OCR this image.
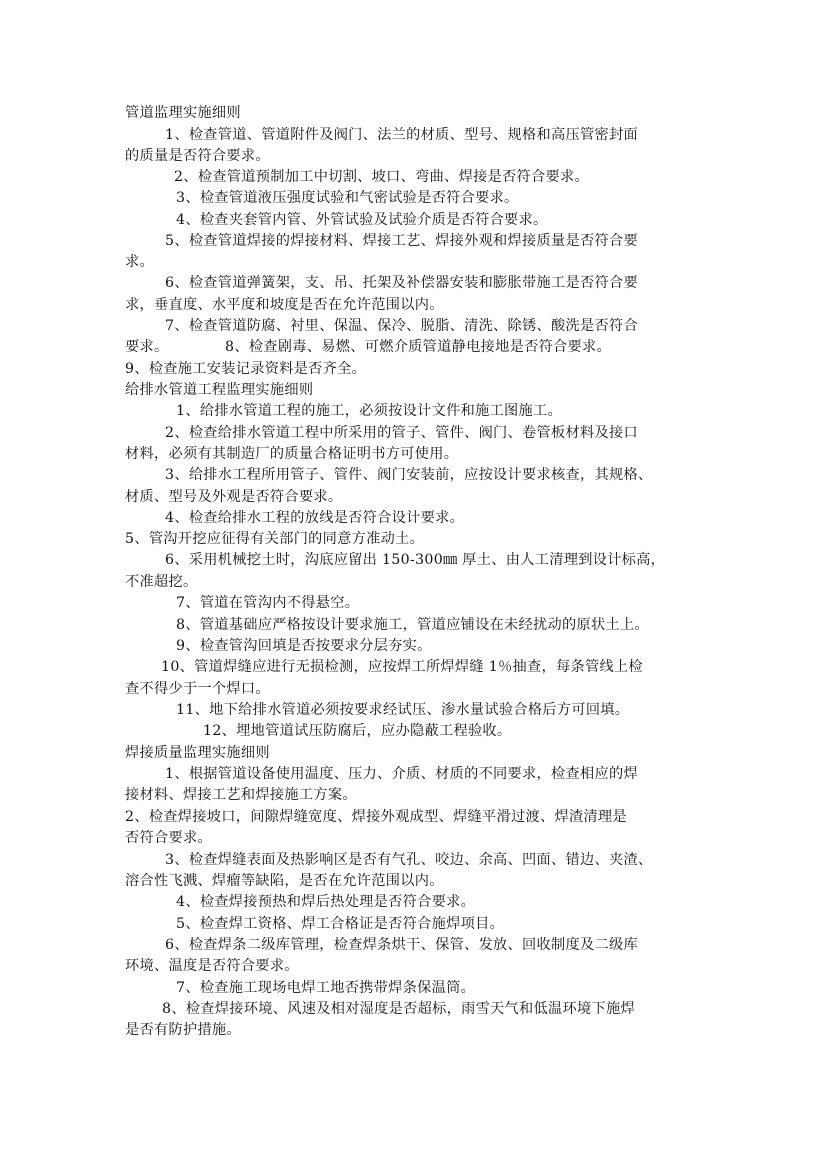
管道监理实施细则
1、检查管道、管道附件及阀门、法兰的材质、型号、规格和高压管密封面
的质量是否符合要求。
2、检查管道预制加工中切割、坡口、弯曲、焊接是否符合要求。
3、检查管道液压强度试验和气密试验是否符合要求。
4、检查夹套管内管、外管试验及试验介质是否符合要求。
5、检查管道焊接的焊接材料、焊接工艺、焊接外观和焊接质量是否符合要
求。
6、检查管道弹簧架，支、吊、托架及补偿器安装和膨胀带施工是否符合要
求，垂直度、水平度和坡度是否在允许范围以内。
7、检查管道防腐、衬里、保温、保冷、脱脂、清洗、除锈、酸洗是否符合
要求。	8、检查剧毒、易燃、可燃介质管道静电接地是否符合要求。
9、检查施工安装记录资料是否齐全。
给排水管道工程监理实施细则
1、给排水管道工程的施工，必须按设计文件和施工图施工。
2、检查给排水管道工程中所采用的管子、管件、阀门、卷管板材料及接口
材料，必须有其制造厂的质量合格证明书方可使用。
3、给排水工程所用管子、管件、阀门安装前，应按设计要求核查，其规格、
材质、型号及外观是否符合要求。
4、检查给排水工程的放线是否符合设计要求。
5、管沟开挖应征得有关部门的同意方准动土。
6、采用机械挖土时，沟底应留出 150-300㎜ 厚土、由人工清理到设计标高，
不准超挖。
7、管道在管沟内不得悬空。
8、管道基础应严格按设计要求施工，管道应铺设在未经扰动的原状土上。
9、检查管沟回填是否按要求分层夯实。
10、管道焊缝应进行无损检测，应按焊工所焊焊缝 1％抽查，每条管线上检
查不得少于一个焊口。
11、地下给排水管道必须按要求经试压、渗水量试验合格后方可回填。
12、埋地管道试压防腐后，应办隐蔽工程验收。
焊接质量监理实施细则
1、根据管道设备使用温度、压力、介质、材质的不同要求，检查相应的焊
接材料、焊接工艺和焊接施工方案。
2、检查焊接坡口，间隙焊缝宽度、焊接外观成型、焊缝平滑过渡、焊渣清理是
否符合要求。
3、检查焊缝表面及热影响区是否有气孔、咬边、余高、凹面、错边、夹渣、
溶合性飞溅、焊瘤等缺陷，是否在允许范围以内。
4、检查焊接预热和焊后热处理是否符合要求。
5、检查焊工资格、焊工合格证是否符合施焊项目。
6、检查焊条二级库管理，检查焊条烘干、保管、发放、回收制度及二级库
环境、温度是否符合要求。
7、检查施工现场电焊工地否携带焊条保温筒。
8、检查焊接环境、风速及相对湿度是否超标，雨雪天气和低温环境下施焊
是否有防护措施。
